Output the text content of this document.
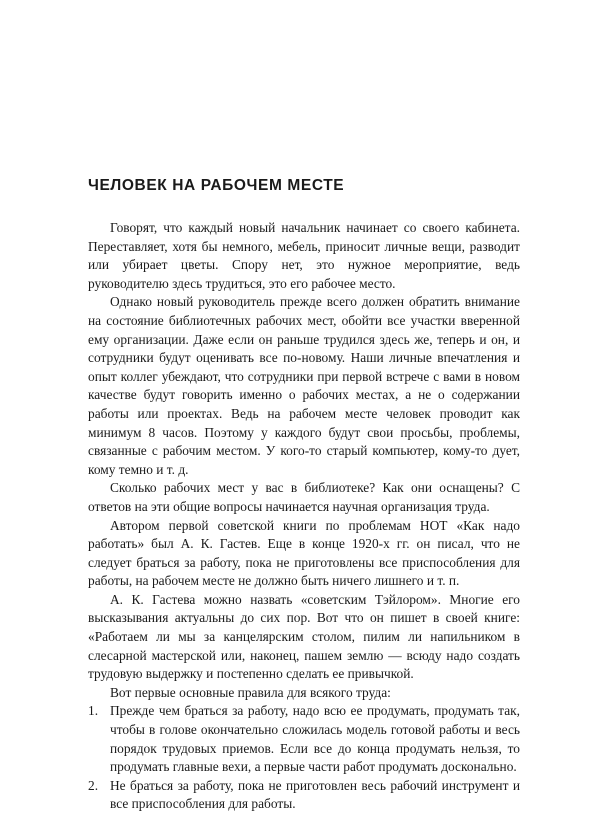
ЧЕЛОВЕК НА РАБОЧЕМ МЕСТЕ

Говорят, что каждый новый начальник начинает со своего кабинета. Переставляет, хотя бы немного, мебель, приносит личные вещи, разводит или убирает цветы. Спору нет, это нужное мероприятие, ведь руководителю здесь трудиться, это его рабочее место.

Однако новый руководитель прежде всего должен обратить внимание на состояние библиотечных рабочих мест, обойти все участки вверенной ему организации. Даже если он раньше трудился здесь же, теперь и он, и сотрудники будут оценивать все по-новому. Наши личные впечатления и опыт коллег убеждают, что сотрудники при первой встрече с вами в новом качестве будут говорить именно о рабочих местах, а не о содержании работы или проектах. Ведь на рабочем месте человек проводит как минимум 8 часов. Поэтому у каждого будут свои просьбы, проблемы, связанные с рабочим местом. У кого-то старый компьютер, кому-то дует, кому темно и т. д.

Сколько рабочих мест у вас в библиотеке? Как они оснащены? С ответов на эти общие вопросы начинается научная организация труда.

Автором первой советской книги по проблемам НОТ «Как надо работать» был А. К. Гастев. Еще в конце 1920-х гг. он писал, что не следует браться за работу, пока не приготовлены все приспособления для работы, на рабочем месте не должно быть ничего лишнего и т. п.

А. К. Гастева можно назвать «советским Тэйлором». Многие его высказывания актуальны до сих пор. Вот что он пишет в своей книге: «Работаем ли мы за канцелярским столом, пилим ли напильником в слесарной мастерской или, наконец, пашем землю — всюду надо создать трудовую выдержку и постепенно сделать ее привычкой.

Вот первые основные правила для всякого труда:

1. Прежде чем браться за работу, надо всю ее продумать, продумать так, чтобы в голове окончательно сложилась модель готовой работы и весь порядок трудовых приемов. Если все до конца продумать нельзя, то продумать главные вехи, а первые части работ продумать досконально.
2. Не браться за работу, пока не приготовлен весь рабочий инструмент и все приспособления для работы.
